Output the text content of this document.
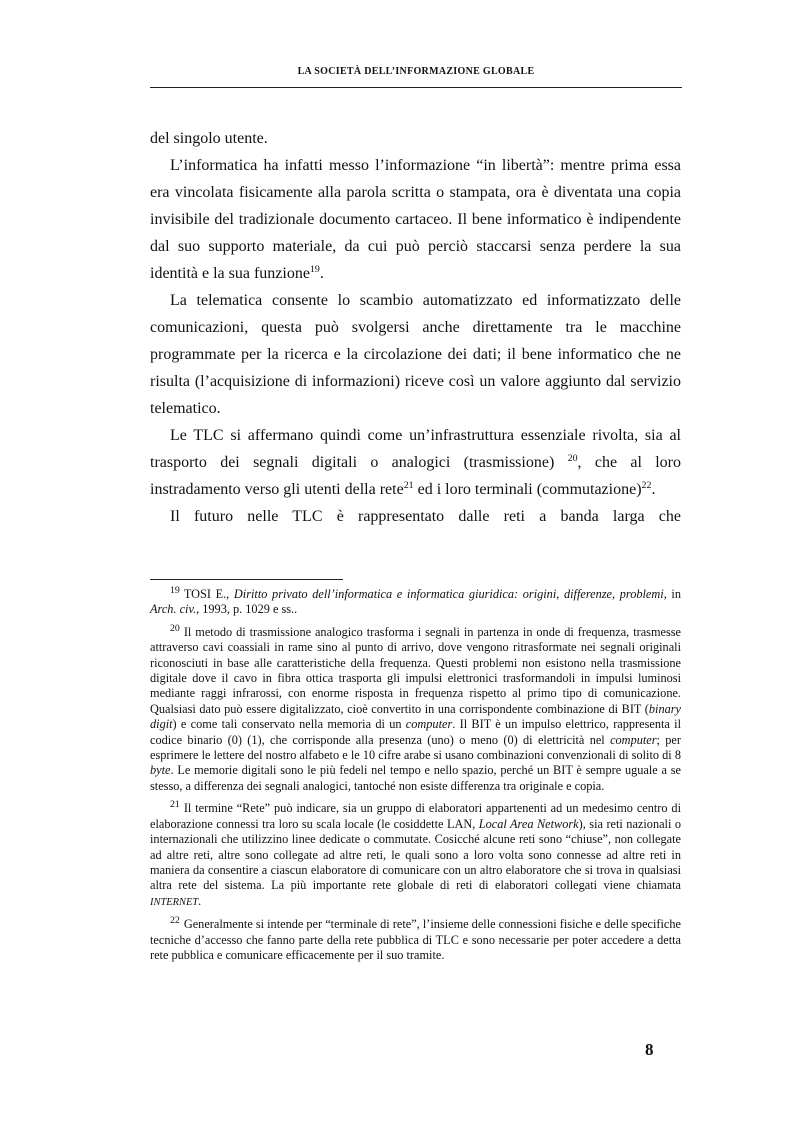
LA SOCIETÀ DELL’INFORMAZIONE GLOBALE

del singolo utente.

L’informatica ha infatti messo l’informazione “in libertà”: mentre prima essa era vincolata fisicamente alla parola scritta o stampata, ora è diventata una copia invisibile del tradizionale documento cartaceo. Il bene informatico è indipendente dal suo supporto materiale, da cui può perciò staccarsi senza perdere la sua identità e la sua funzione$^{19}$.

La telematica consente lo scambio automatizzato ed informatizzato delle comunicazioni, questa può svolgersi anche direttamente tra le macchine programmate per la ricerca e la circolazione dei dati; il bene informatico che ne risulta (l’acquisizione di informazioni) riceve così un valore aggiunto dal servizio telematico.

Le TLC si affermano quindi come un’infrastruttura essenziale rivolta, sia al trasporto dei segnali digitali o analogici (trasmissione) $^{20}$, che al loro instradamento verso gli utenti della rete$^{21}$ ed i loro terminali (commutazione)$^{22}$.

Il futuro nelle TLC è rappresentato dalle reti a banda larga che

$^{19}$ TOSI E., Diritto privato dell’informatica e informatica giuridica: origini, differenze, problemi, in Arch. civ., 1993, p. 1029 e ss..

$^{20}$ Il metodo di trasmissione analogico trasforma i segnali in partenza in onde di frequenza, trasmesse attraverso cavi coassiali in rame sino al punto di arrivo, dove vengono ritrasformate nei segnali originali riconosciuti in base alle caratteristiche della frequenza. Questi problemi non esistono nella trasmissione digitale dove il cavo in fibra ottica trasporta gli impulsi elettronici trasformandoli in impulsi luminosi mediante raggi infrarossi, con enorme risposta in frequenza rispetto al primo tipo di comunicazione. Qualsiasi dato può essere digitalizzato, cioè convertito in una corrispondente combinazione di BIT (binary digit) e come tali conservato nella memoria di un computer. Il BIT è un impulso elettrico, rappresenta il codice binario (0) (1), che corrisponde alla presenza (uno) o meno (0) di elettricità nel computer; per esprimere le lettere del nostro alfabeto e le 10 cifre arabe si usano combinazioni convenzionali di solito di 8 byte. Le memorie digitali sono le più fedeli nel tempo e nello spazio, perché un BIT è sempre uguale a se stesso, a differenza dei segnali analogici, tantoché non esiste differenza tra originale e copia.

$^{21}$ Il termine “Rete” può indicare, sia un gruppo di elaboratori appartenenti ad un medesimo centro di elaborazione connessi tra loro su scala locale (le cosiddette LAN, Local Area Network), sia reti nazionali o internazionali che utilizzino linee dedicate o commutate. Cosicché alcune reti sono “chiuse”, non collegate ad altre reti, altre sono collegate ad altre reti, le quali sono a loro volta sono connesse ad altre reti in maniera da consentire a ciascun elaboratore di comunicare con un altro elaboratore che si trova in qualsiasi altra rete del sistema. La più importante rete globale di reti di elaboratori collegati viene chiamata INTERNET.

$^{22}$ Generalmente si intende per “terminale di rete”, l’insieme delle connessioni fisiche e delle specifiche tecniche d’accesso che fanno parte della rete pubblica di TLC e sono necessarie per poter accedere a detta rete pubblica e comunicare efficacemente per il suo tramite.

8
